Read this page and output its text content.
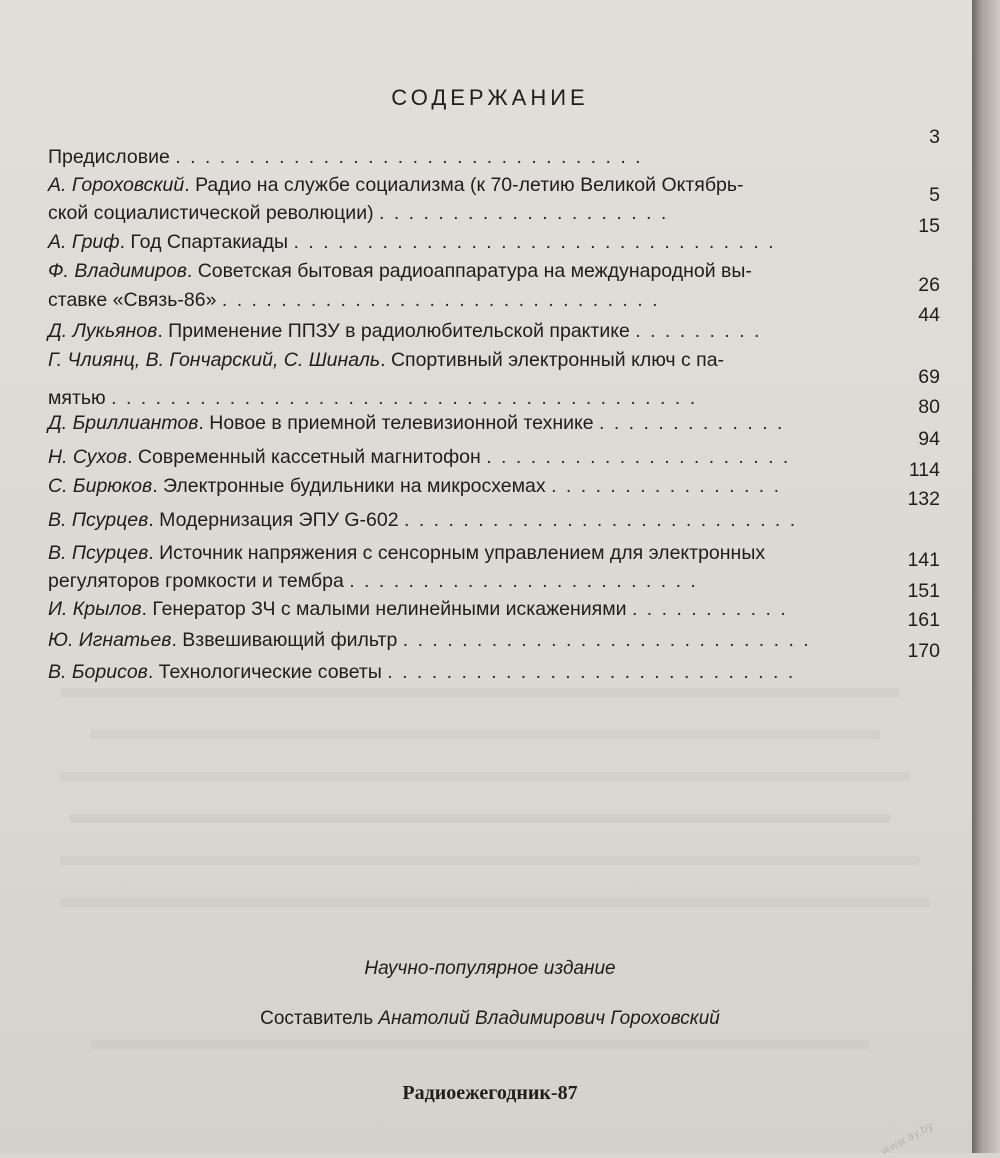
СОДЕРЖАНИЕ
Предисловие . . . . . . . . . . . . . . . . . . . . . . . . . . . . . . . .
3
А. Гороховский. Радио на службе социализма (к 70-летию Великой Октябрь-
ской социалистической революции) . . . . . . . . . . . . . . . . . . . .
5
А. Гриф. Год Спартакиады . . . . . . . . . . . . . . . . . . . . . . . . . . . . . . . . .
15
Ф. Владимиров. Советская бытовая радиоаппаратура на международной вы-
ставке «Связь-86» . . . . . . . . . . . . . . . . . . . . . . . . . . . . . .
26
Д. Лукьянов. Применение ППЗУ в радиолюбительской практике . . . . . . . . .
44
Г. Члиянц, В. Гончарский, С. Шиналь. Спортивный электронный ключ с па-
мятью . . . . . . . . . . . . . . . . . . . . . . . . . . . . . . . . . . . . . . . .
69
Д. Бриллиантов. Новое в приемной телевизионной технике . . . . . . . . . . . . .
80
Н. Сухов. Современный кассетный магнитофон . . . . . . . . . . . . . . . . . . . . .
94
С. Бирюков. Электронные будильники на микросхемах . . . . . . . . . . . . . . . .
114
В. Псурцев. Модернизация ЭПУ G-602 . . . . . . . . . . . . . . . . . . . . . . . . . . .
132
В. Псурцев. Источник напряжения с сенсорным управлением для электронных
регуляторов громкости и тембра . . . . . . . . . . . . . . . . . . . . . . . .
141
И. Крылов. Генератор ЗЧ с малыми нелинейными искажениями . . . . . . . . . . .
151
Ю. Игнатьев. Взвешивающий фильтр . . . . . . . . . . . . . . . . . . . . . . . . . . . .
161
В. Борисов. Технологические советы . . . . . . . . . . . . . . . . . . . . . . . . . . . .
170
Научно-популярное издание
Составитель Анатолий Владимирович Гороховский
Радиоежегодник-87
www.ay.by
